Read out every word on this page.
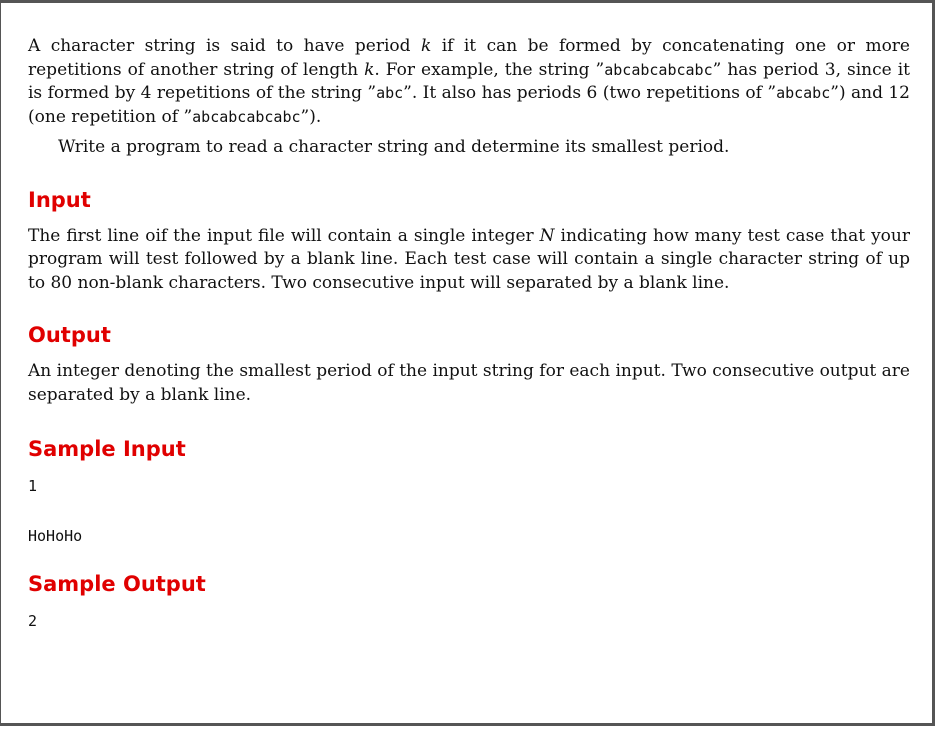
A character string is said to have period k if it can be formed by concatenating one or more repetitions of another string of length k. For example, the string ”abcabcabcabc” has period 3, since it is formed by 4 repetitions of the string ”abc”. It also has periods 6 (two repetitions of ”abcabc”) and 12 (one repetition of ”abcabcabcabc”).

Write a program to read a character string and determine its smallest period.

Input

The first line oif the input file will contain a single integer N indicating how many test case that your program will test followed by a blank line. Each test case will contain a single character string of up to 80 non-blank characters. Two consecutive input will separated by a blank line.

Output

An integer denoting the smallest period of the input string for each input. Two consecutive output are separated by a blank line.

Sample Input
1
HoHoHo
Sample Output
2
